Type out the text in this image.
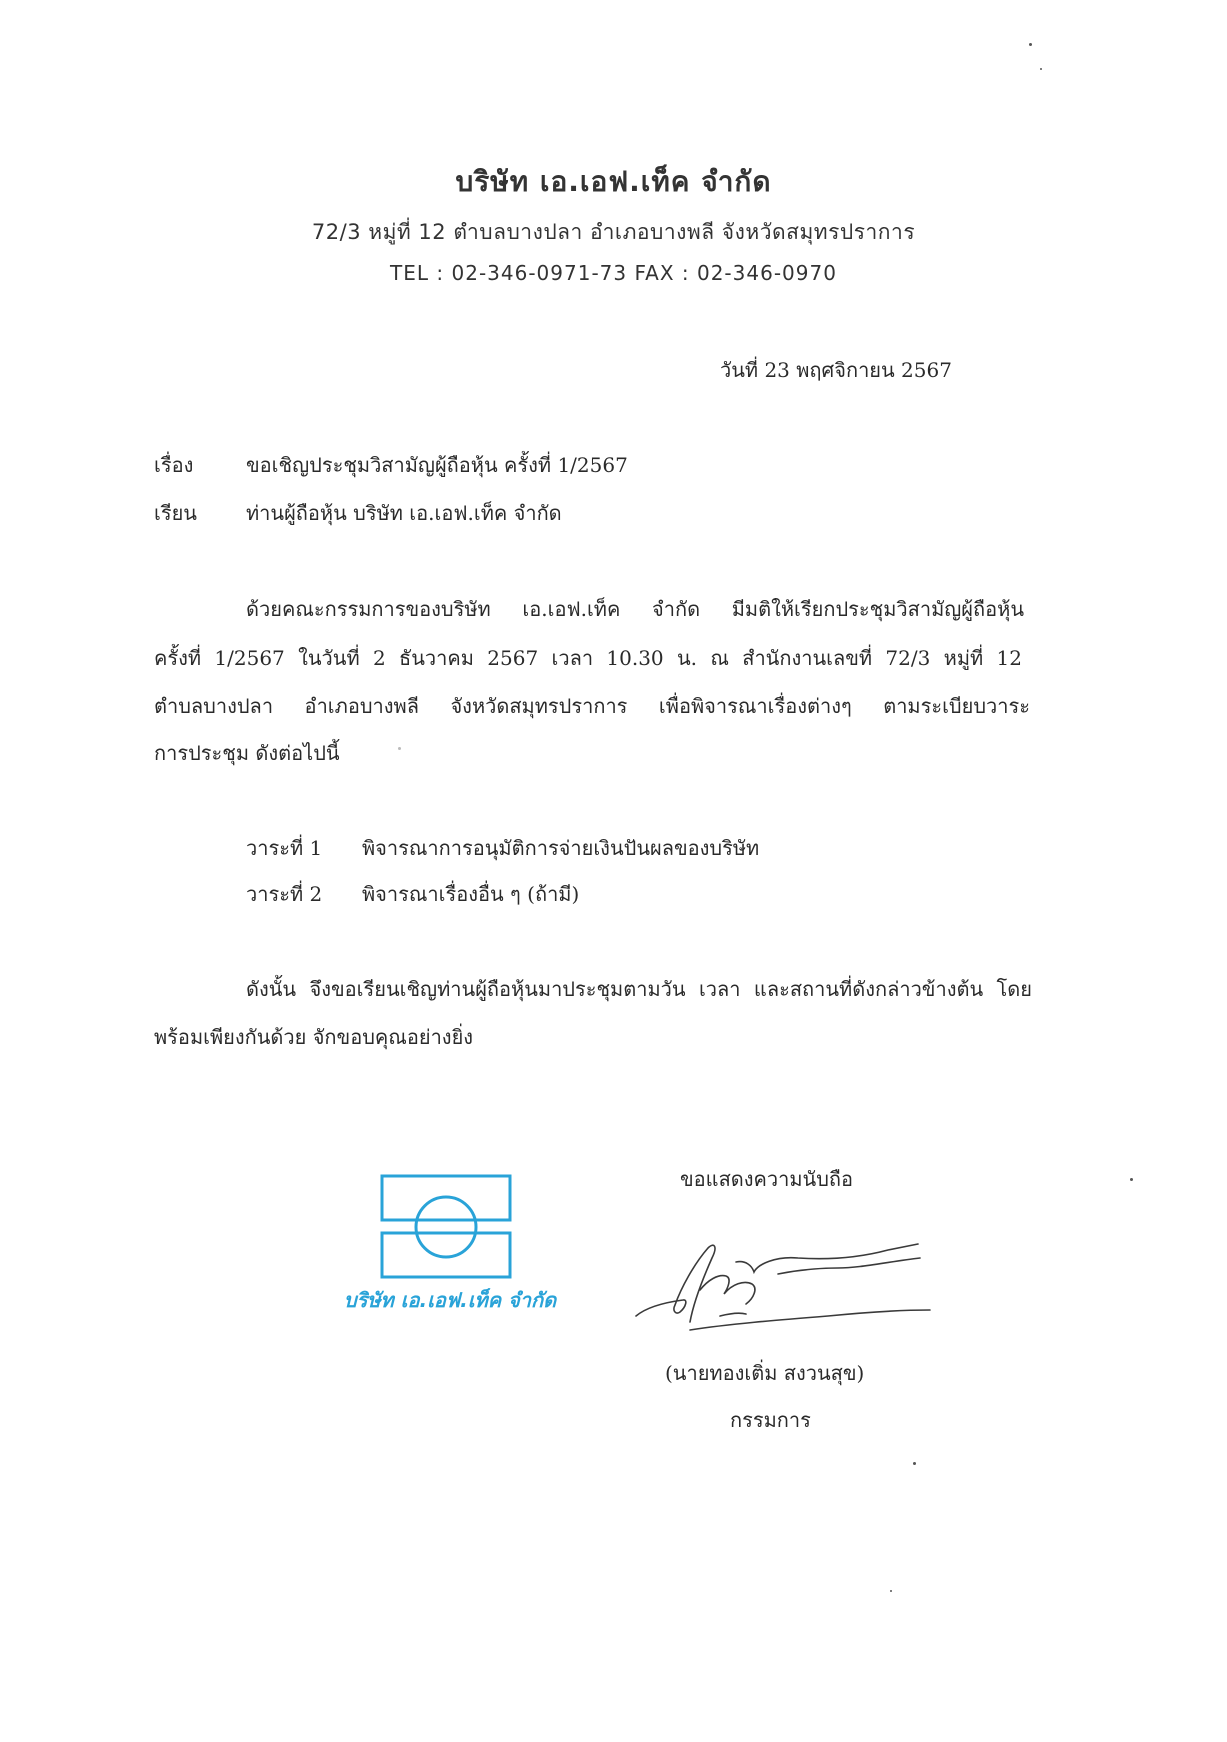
บริษัท เอ.เอฟ.เท็ค จำกัด
72/3 หมู่ที่ 12 ตำบลบางปลา อำเภอบางพลี จังหวัดสมุทรปราการ
TEL : 02-346-0971-73 FAX : 02-346-0970
วันที่ 23 พฤศจิกายน 2567
เรื่อง	ขอเชิญประชุมวิสามัญผู้ถือหุ้น ครั้งที่ 1/2567
เรียน ท่านผู้ถือหุ้น บริษัท เอ.เอฟ.เท็ค จำกัด
ด้วยคณะกรรมการของบริษัท เอ.เอฟ.เท็ค จำกัด มีมติให้เรียกประชุมวิสามัญผู้ถือหุ้น
ครั้งที่ 1/2567 ในวันที่ 2 ธันวาคม 2567 เวลา 10.30 น. ณ สำนักงานเลขที่ 72/3 หมู่ที่ 12
ตำบลบางปลา อำเภอบางพลี จังหวัดสมุทรปราการ เพื่อพิจารณาเรื่องต่างๆ ตามระเบียบวาระ
การประชุม ดังต่อไปนี้
วาระที่ 1 พิจารณาการอนุมัติการจ่ายเงินปันผลของบริษัท
วาระที่ 2 พิจารณาเรื่องอื่น ๆ (ถ้ามี)
ดังนั้น จึงขอเรียนเชิญท่านผู้ถือหุ้นมาประชุมตามวัน เวลา และสถานที่ดังกล่าวข้างต้น โดย
พร้อมเพียงกันด้วย จักขอบคุณอย่างยิ่ง
ขอแสดงความนับถือ
(นายทองเติ่ม สงวนสุข)
กรรมการ
บริษัท เอ.เอฟ.เท็ค จำกัด
